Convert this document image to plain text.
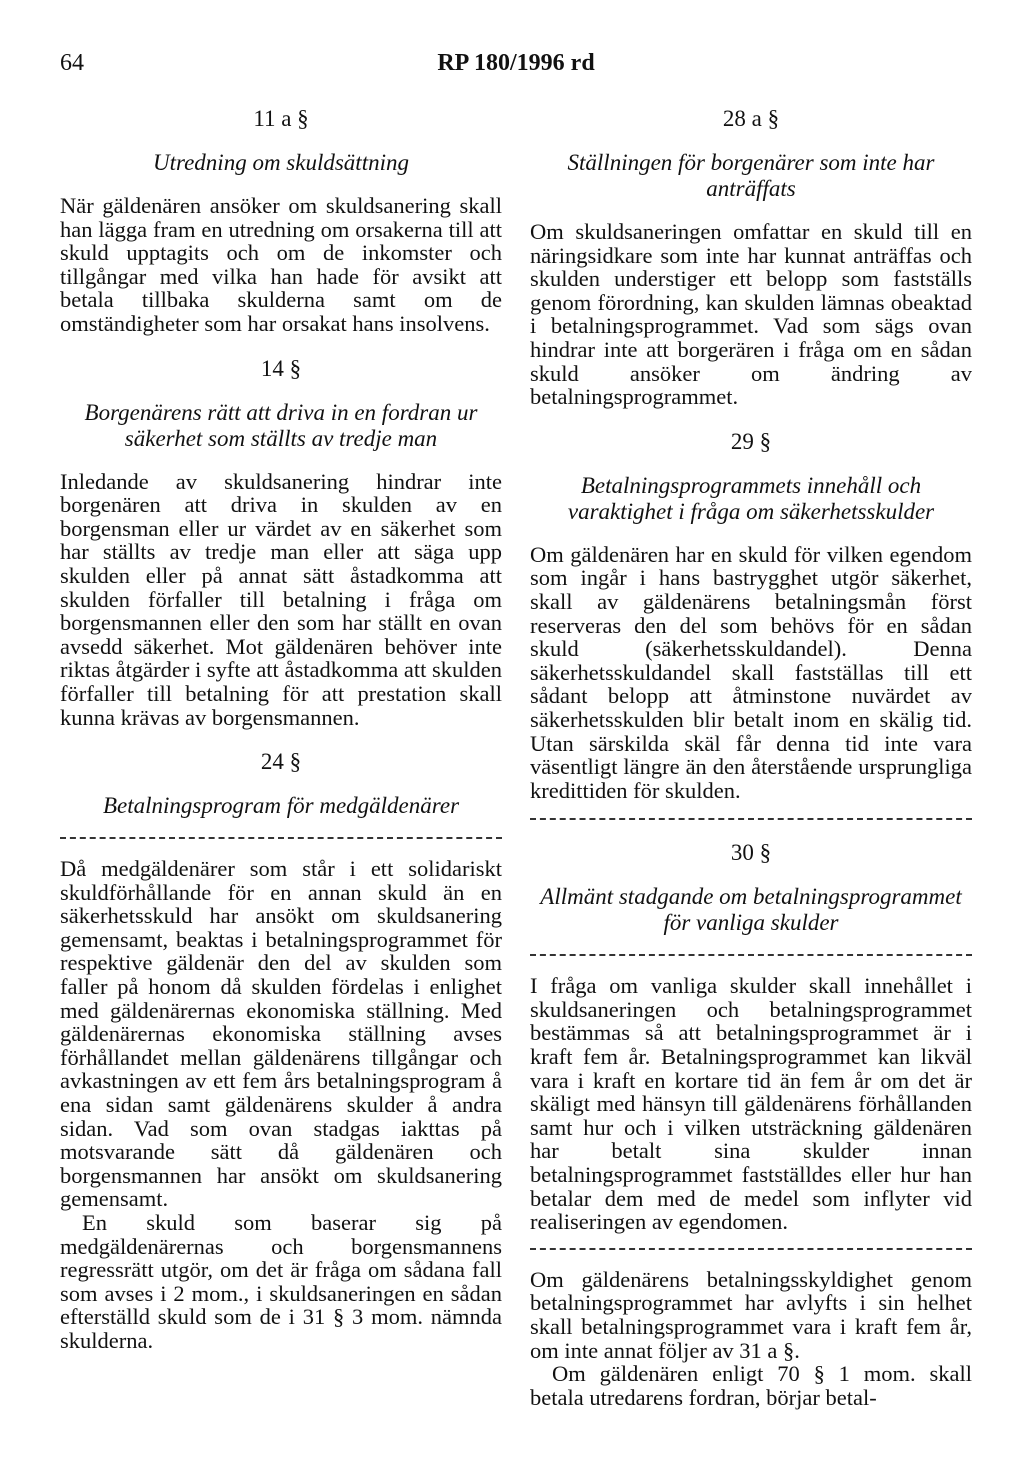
64	RP 180/1996 rd
11 a §
Utredning om skuldsättning

När gäldenären ansöker om skuldsanering skall han lägga fram en utredning om orsakerna till att skuld upptagits och om de inkomster och tillgångar med vilka han hade för avsikt att betala tillbaka skulderna samt om de omständigheter som har orsakat hans insolvens.

14 §
Borgenärens rätt att driva in en fordran ur säkerhet som ställts av tredje man

Inledande av skuldsanering hindrar inte borgenären att driva in skulden av en borgensman eller ur värdet av en säkerhet som har ställts av tredje man eller att säga upp skulden eller på annat sätt åstadkomma att skulden förfaller till betalning i fråga om borgensmannen eller den som har ställt en ovan avsedd säkerhet. Mot gäldenären behöver inte riktas åtgärder i syfte att åstadkomma att skulden förfaller till betalning för att prestation skall kunna krävas av borgensmannen.

24 §
Betalningsprogram för medgäldenärer

Då medgäldenärer som står i ett solidariskt skuldförhållande för en annan skuld än en säkerhetsskuld har ansökt om skuldsanering gemensamt, beaktas i betalningsprogrammet för respektive gäldenär den del av skulden som faller på honom då skulden fördelas i enlighet med gäldenärernas ekonomiska ställning. Med gäldenärernas ekonomiska ställning avses förhållandet mellan gäldenärens tillgångar och avkastningen av ett fem års betalningsprogram å ena sidan samt gäldenärens skulder å andra sidan. Vad som ovan stadgas iakttas på motsvarande sätt då gäldenären och borgensmannen har ansökt om skuldsanering gemensamt.

En skuld som baserar sig på medgäldenärernas och borgensmannens regressrätt utgör, om det är fråga om sådana fall som avses i 2 mom., i skuldsaneringen en sådan efterställd skuld som de i 31 § 3 mom. nämnda skulderna.

28 a §
Ställningen för borgenärer som inte har anträffats

Om skuldsaneringen omfattar en skuld till en näringsidkare som inte har kunnat anträffas och skulden understiger ett belopp som fastställs genom förordning, kan skulden lämnas obeaktad i betalningsprogrammet. Vad som sägs ovan hindrar inte att borgerären i fråga om en sådan skuld ansöker om ändring av betalningsprogrammet.

29 §
Betalningsprogrammets innehåll och varaktighet i fråga om säkerhetsskulder

Om gäldenären har en skuld för vilken egendom som ingår i hans bastrygghet utgör säkerhet, skall av gäldenärens betalningsmån först reserveras den del som behövs för en sådan skuld (säkerhetsskuldandel). Denna säkerhetsskuldandel skall fastställas till ett sådant belopp att åtminstone nuvärdet av säkerhetsskulden blir betalt inom en skälig tid. Utan särskilda skäl får denna tid inte vara väsentligt längre än den återstående ursprungliga kredittiden för skulden.

30 §
Allmänt stadgande om betalningsprogrammet för vanliga skulder

I fråga om vanliga skulder skall innehållet i skuldsaneringen och betalningsprogrammet bestämmas så att betalningsprogrammet är i kraft fem år. Betalningsprogrammet kan likväl vara i kraft en kortare tid än fem år om det är skäligt med hänsyn till gäldenärens förhållanden samt hur och i vilken utsträckning gäldenären har betalt sina skulder innan betalningsprogrammet fastställdes eller hur han betalar dem med de medel som inflyter vid realiseringen av egendomen.

Om gäldenärens betalningsskyldighet genom betalningsprogrammet har avlyfts i sin helhet skall betalningsprogrammet vara i kraft fem år, om inte annat följer av 31 a §.

Om gäldenären enligt 70 § 1 mom. skall betala utredarens fordran, börjar betal-
